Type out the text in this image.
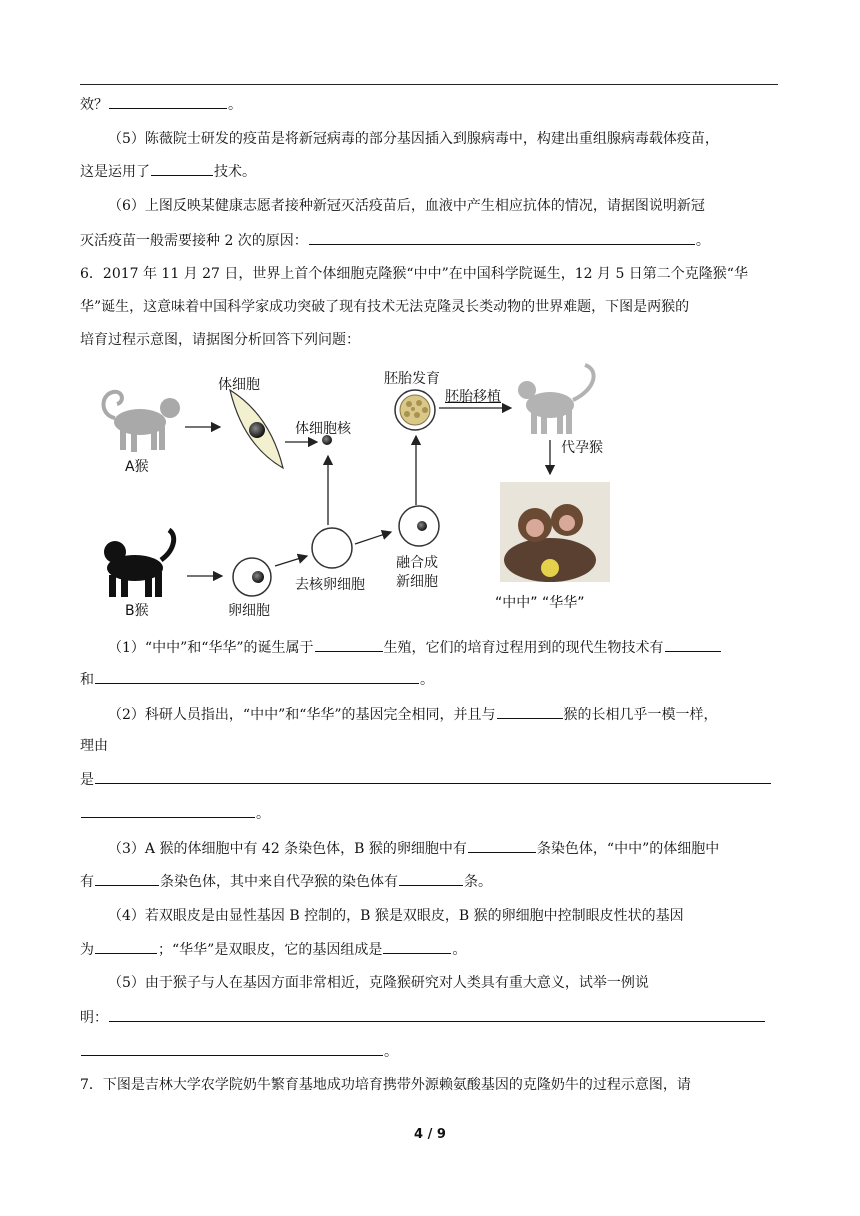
效？	。
（5）陈薇院士研发的疫苗是将新冠病毒的部分基因插入到腺病毒中，构建出重组腺病毒载体疫苗，
这是运用了	技术。
（6）上图反映某健康志愿者接种新冠灭活疫苗后，血液中产生相应抗体的情况，请据图说明新冠
灭活疫苗一般需要接种 2 次的原因：	。
6．2017 年 11 月 27 日，世界上首个体细胞克隆猴“中中”在中国科学院诞生，12 月 5 日第二个克隆猴“华
华”诞生，这意味着中国科学家成功突破了现有技术无法克隆灵长类动物的世界难题，下图是两猴的
培育过程示意图，请据图分析回答下列问题：
体细胞
体细胞核
胚胎发育
胚胎移植
代孕猴
A猴
B猴	卵细胞
去核卵细胞
融合成
新细胞
“中中” “华华”
（1）“中中”和“华华”的诞生属于	生殖，它们的培育过程用到的现代生物技术有
和	。
（2）科研人员指出，“中中”和“华华”的基因完全相同，并且与	猴的长相几乎一模一样，
理由
是
。
（3）A 猴的体细胞中有 42 条染色体，B 猴的卵细胞中有	条染色体，“中中”的体细胞中
有	条染色体，其中来自代孕猴的染色体有	条。
（4）若双眼皮是由显性基因 B 控制的，B 猴是双眼皮，B 猴的卵细胞中控制眼皮性状的基因
为	；“华华”是双眼皮，它的基因组成是	。
（5）由于猴子与人在基因方面非常相近，克隆猴研究对人类具有重大意义，试举一例说
明：
。
7．下图是吉林大学农学院奶牛繁育基地成功培育携带外源赖氨酸基因的克隆奶牛的过程示意图，请
4 / 9
